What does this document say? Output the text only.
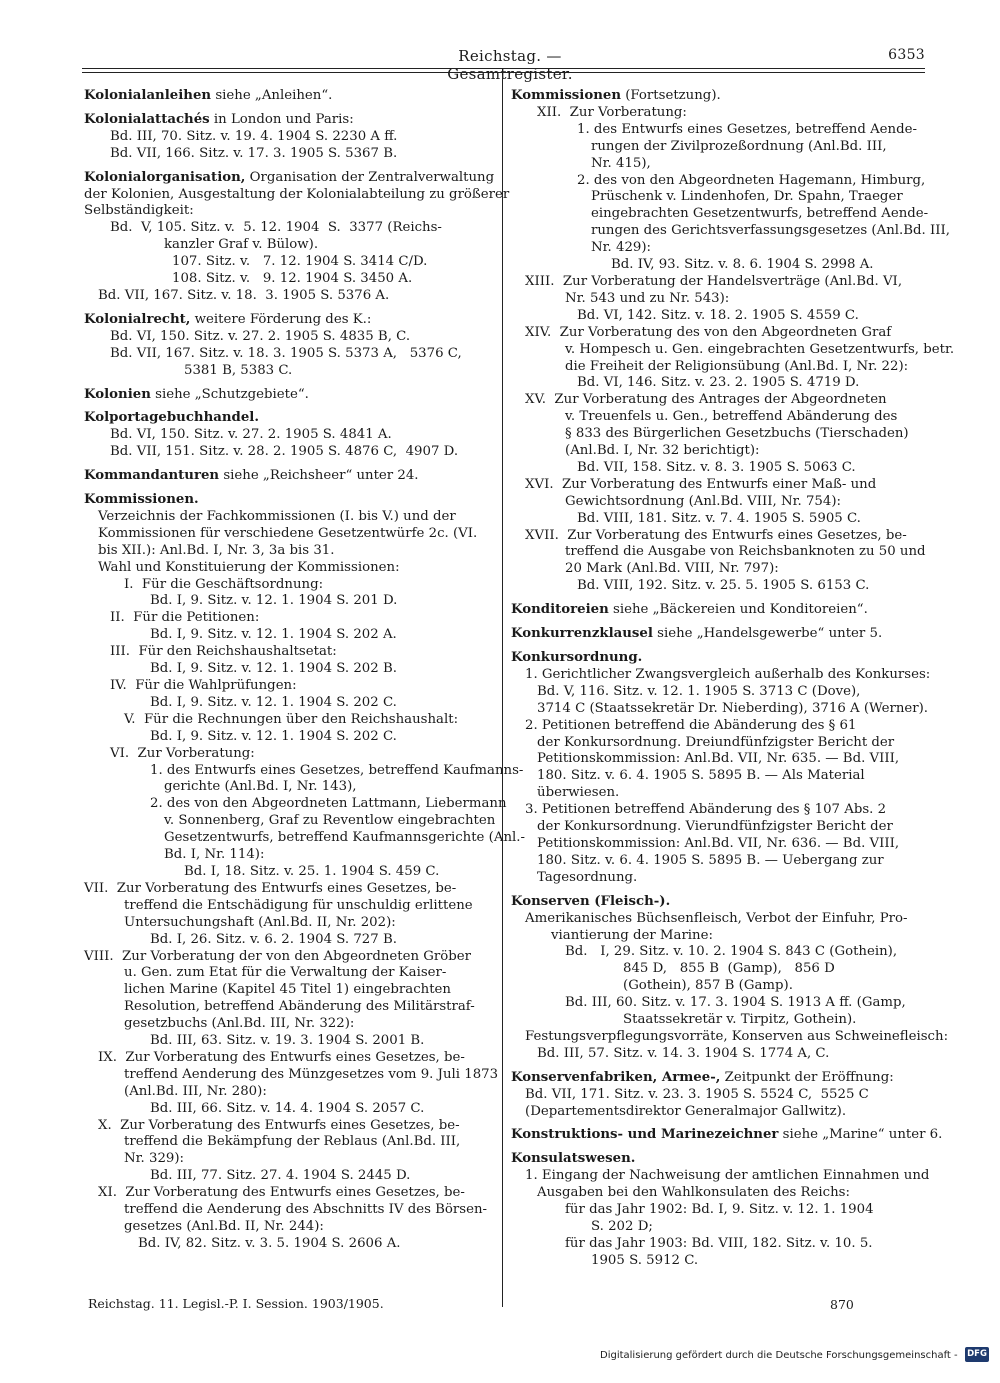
Reichstag. — Gesamtregister.
6353
Kolonialanleihen siehe „Anleihen“.
Kolonialattachés in London und Paris:
Bd. III, 70. Sitz. v. 19. 4. 1904 S. 2230 A ff.
Bd. VII, 166. Sitz. v. 17. 3. 1905 S. 5367 B.
Kolonialorganisation, Organisation der Zentralverwaltung
der Kolonien, Ausgestaltung der Kolonialabteilung zu größerer
Selbständigkeit:
Bd.  V, 105. Sitz. v.  5. 12. 1904  S.  3377 (Reichs-
kanzler Graf v. Bülow).
107. Sitz. v.   7. 12. 1904 S. 3414 C/D.
108. Sitz. v.   9. 12. 1904 S. 3450 A.
Bd. VII, 167. Sitz. v. 18.  3. 1905 S. 5376 A.
Kolonialrecht, weitere Förderung des K.:
Bd. VI, 150. Sitz. v. 27. 2. 1905 S. 4835 B, C.
Bd. VII, 167. Sitz. v. 18. 3. 1905 S. 5373 A,   5376 C,
5381 B, 5383 C.
Kolonien siehe „Schutzgebiete“.
Kolportagebuchhandel.
Bd. VI, 150. Sitz. v. 27. 2. 1905 S. 4841 A.
Bd. VII, 151. Sitz. v. 28. 2. 1905 S. 4876 C,  4907 D.
Kommandanturen siehe „Reichsheer“ unter 24.
Kommissionen.
Verzeichnis der Fachkommissionen (I. bis V.) und der
Kommissionen für verschiedene Gesetzentwürfe 2c. (VI.
bis XII.): Anl.Bd. I, Nr. 3, 3a bis 31.
Wahl und Konstituierung der Kommissionen:
I.  Für die Geschäftsordnung:
Bd. I, 9. Sitz. v. 12. 1. 1904 S. 201 D.
II.  Für die Petitionen:
Bd. I, 9. Sitz. v. 12. 1. 1904 S. 202 A.
III.  Für den Reichshaushaltsetat:
Bd. I, 9. Sitz. v. 12. 1. 1904 S. 202 B.
IV.  Für die Wahlprüfungen:
Bd. I, 9. Sitz. v. 12. 1. 1904 S. 202 C.
V.  Für die Rechnungen über den Reichshaushalt:
Bd. I, 9. Sitz. v. 12. 1. 1904 S. 202 C.
VI.  Zur Vorberatung:
1. des Entwurfs eines Gesetzes, betreffend Kaufmanns-
gerichte (Anl.Bd. I, Nr. 143),
2. des von den Abgeordneten Lattmann, Liebermann
v. Sonnenberg, Graf zu Reventlow eingebrachten
Gesetzentwurfs, betreffend Kaufmannsgerichte (Anl.-
Bd. I, Nr. 114):
Bd. I, 18. Sitz. v. 25. 1. 1904 S. 459 C.
VII.  Zur Vorberatung des Entwurfs eines Gesetzes, be-
treffend die Entschädigung für unschuldig erlittene
Untersuchungshaft (Anl.Bd. II, Nr. 202):
Bd. I, 26. Sitz. v. 6. 2. 1904 S. 727 B.
VIII.  Zur Vorberatung der von den Abgeordneten Gröber
u. Gen. zum Etat für die Verwaltung der Kaiser-
lichen Marine (Kapitel 45 Titel 1) eingebrachten
Resolution, betreffend Abänderung des Militärstraf-
gesetzbuchs (Anl.Bd. III, Nr. 322):
Bd. III, 63. Sitz. v. 19. 3. 1904 S. 2001 B.
IX.  Zur Vorberatung des Entwurfs eines Gesetzes, be-
treffend Aenderung des Münzgesetzes vom 9. Juli 1873
(Anl.Bd. III, Nr. 280):
Bd. III, 66. Sitz. v. 14. 4. 1904 S. 2057 C.
X.  Zur Vorberatung des Entwurfs eines Gesetzes, be-
treffend die Bekämpfung der Reblaus (Anl.Bd. III,
Nr. 329):
Bd. III, 77. Sitz. 27. 4. 1904 S. 2445 D.
XI.  Zur Vorberatung des Entwurfs eines Gesetzes, be-
treffend die Aenderung des Abschnitts IV des Börsen-
gesetzes (Anl.Bd. II, Nr. 244):
Bd. IV, 82. Sitz. v. 3. 5. 1904 S. 2606 A.
Kommissionen (Fortsetzung).
XII.  Zur Vorberatung:
1. des Entwurfs eines Gesetzes, betreffend Aende-
rungen der Zivilprozeßordnung (Anl.Bd. III,
Nr. 415),
2. des von den Abgeordneten Hagemann, Himburg,
Prüschenk v. Lindenhofen, Dr. Spahn, Traeger
eingebrachten Gesetzentwurfs, betreffend Aende-
rungen des Gerichtsverfassungsgesetzes (Anl.Bd. III,
Nr. 429):
Bd. IV, 93. Sitz. v. 8. 6. 1904 S. 2998 A.
XIII.  Zur Vorberatung der Handelsverträge (Anl.Bd. VI,
Nr. 543 und zu Nr. 543):
Bd. VI, 142. Sitz. v. 18. 2. 1905 S. 4559 C.
XIV.  Zur Vorberatung des von den Abgeordneten Graf
v. Hompesch u. Gen. eingebrachten Gesetzentwurfs, betr.
die Freiheit der Religionsübung (Anl.Bd. I, Nr. 22):
Bd. VI, 146. Sitz. v. 23. 2. 1905 S. 4719 D.
XV.  Zur Vorberatung des Antrages der Abgeordneten
v. Treuenfels u. Gen., betreffend Abänderung des
§ 833 des Bürgerlichen Gesetzbuchs (Tierschaden)
(Anl.Bd. I, Nr. 32 berichtigt):
Bd. VII, 158. Sitz. v. 8. 3. 1905 S. 5063 C.
XVI.  Zur Vorberatung des Entwurfs einer Maß- und
Gewichtsordnung (Anl.Bd. VIII, Nr. 754):
Bd. VIII, 181. Sitz. v. 7. 4. 1905 S. 5905 C.
XVII.  Zur Vorberatung des Entwurfs eines Gesetzes, be-
treffend die Ausgabe von Reichsbanknoten zu 50 und
20 Mark (Anl.Bd. VIII, Nr. 797):
Bd. VIII, 192. Sitz. v. 25. 5. 1905 S. 6153 C.
Konditoreien siehe „Bäckereien und Konditoreien“.
Konkurrenzklausel siehe „Handelsgewerbe“ unter 5.
Konkursordnung.
1. Gerichtlicher Zwangsvergleich außerhalb des Konkurses:
Bd. V, 116. Sitz. v. 12. 1. 1905 S. 3713 C (Dove),
3714 C (Staatssekretär Dr. Nieberding), 3716 A (Werner).
2. Petitionen betreffend die Abänderung des § 61
der Konkursordnung. Dreiundfünfzigster Bericht der
Petitionskommission: Anl.Bd. VII, Nr. 635. — Bd. VIII,
180. Sitz. v. 6. 4. 1905 S. 5895 B. — Als Material
überwiesen.
3. Petitionen betreffend Abänderung des § 107 Abs. 2
der Konkursordnung. Vierundfünfzigster Bericht der
Petitionskommission: Anl.Bd. VII, Nr. 636. — Bd. VIII,
180. Sitz. v. 6. 4. 1905 S. 5895 B. — Uebergang zur
Tagesordnung.
Konserven (Fleisch-).
Amerikanisches Büchsenfleisch, Verbot der Einfuhr, Pro-
viantierung der Marine:
Bd.   I, 29. Sitz. v. 10. 2. 1904 S. 843 C (Gothein),
845 D,   855 B  (Gamp),   856 D
(Gothein), 857 B (Gamp).
Bd. III, 60. Sitz. v. 17. 3. 1904 S. 1913 A ff. (Gamp,
Staatssekretär v. Tirpitz, Gothein).
Festungsverpflegungsvorräte, Konserven aus Schweinefleisch:
Bd. III, 57. Sitz. v. 14. 3. 1904 S. 1774 A, C.
Konservenfabriken, Armee-, Zeitpunkt der Eröffnung:
Bd. VII, 171. Sitz. v. 23. 3. 1905 S. 5524 C,  5525 C
(Departementsdirektor Generalmajor Gallwitz).
Konstruktions- und Marinezeichner siehe „Marine“ unter 6.
Konsulatswesen.
1. Eingang der Nachweisung der amtlichen Einnahmen und
Ausgaben bei den Wahlkonsulaten des Reichs:
für das Jahr 1902: Bd. I, 9. Sitz. v. 12. 1. 1904
S. 202 D;
für das Jahr 1903: Bd. VIII, 182. Sitz. v. 10. 5.
1905 S. 5912 C.
Reichstag. 11. Legisl.-P. I. Session. 1903/1905.	870
Digitalisierung gefördert durch die Deutsche Forschungsgemeinschaft - DFG
